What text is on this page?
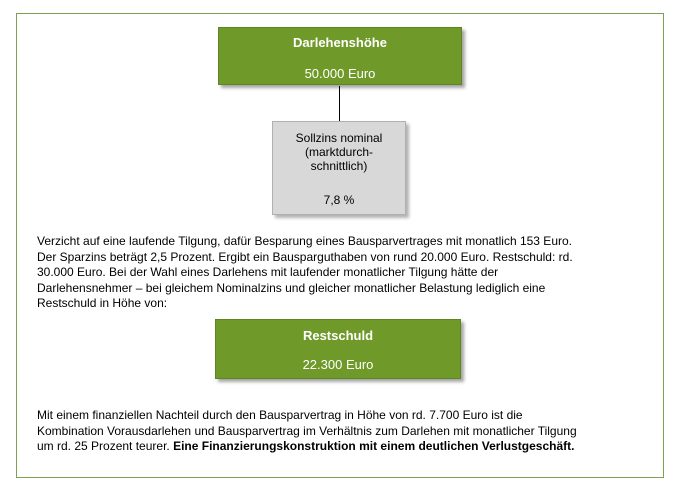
Darlehenshöhe
50.000 Euro
Sollzins nominal
(marktdurch-
schnittlich)
7,8 %
Verzicht auf eine laufende Tilgung, dafür Besparung eines Bausparvertrages mit monatlich 153 Euro.
Der Sparzins beträgt 2,5 Prozent. Ergibt ein Bausparguthaben von rund 20.000 Euro. Restschuld: rd.
30.000 Euro. Bei der Wahl eines Darlehens mit laufender monatlicher Tilgung hätte der
Darlehensnehmer – bei gleichem Nominalzins und gleicher monatlicher Belastung lediglich eine
Restschuld in Höhe von:
Restschuld
22.300 Euro
Mit einem finanziellen Nachteil durch den Bausparvertrag in Höhe von rd. 7.700 Euro ist die
Kombination Vorausdarlehen und Bausparvertrag im Verhältnis zum Darlehen mit monatlicher Tilgung
um rd. 25 Prozent teurer. Eine Finanzierungskonstruktion mit einem deutlichen Verlustgeschäft.
